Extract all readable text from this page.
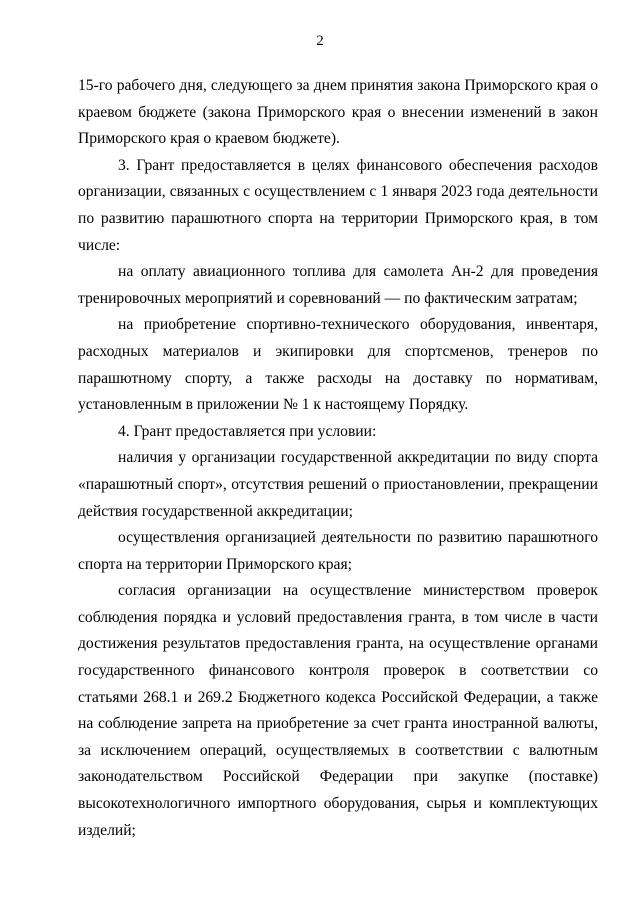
2

15-го рабочего дня, следующего за днем принятия закона Приморского края о краевом бюджете (закона Приморского края о внесении изменений в закон Приморского края о краевом бюджете).

3. Грант предоставляется в целях финансового обеспечения расходов организации, связанных с осуществлением с 1 января 2023 года деятельности по развитию парашютного спорта на территории Приморского края, в том числе:

на оплату авиационного топлива для самолета Ан-2 для проведения тренировочных мероприятий и соревнований — по фактическим затратам;

на приобретение спортивно-технического оборудования, инвентаря, расходных материалов и экипировки для спортсменов, тренеров по парашютному спорту, а также расходы на доставку по нормативам, установленным в приложении № 1 к настоящему Порядку.

4. Грант предоставляется при условии:

наличия у организации государственной аккредитации по виду спорта «парашютный спорт», отсутствия решений о приостановлении, прекращении действия государственной аккредитации;

осуществления организацией деятельности по развитию парашютного спорта на территории Приморского края;

согласия организации на осуществление министерством проверок соблюдения порядка и условий предоставления гранта, в том числе в части достижения результатов предоставления гранта, на осуществление органами государственного финансового контроля проверок в соответствии со статьями 268.1 и 269.2 Бюджетного кодекса Российской Федерации, а также на соблюдение запрета на приобретение за счет гранта иностранной валюты, за исключением операций, осуществляемых в соответствии с валютным законодательством Российской Федерации при закупке (поставке) высокотехнологичного импортного оборудования, сырья и комплектующих изделий;
